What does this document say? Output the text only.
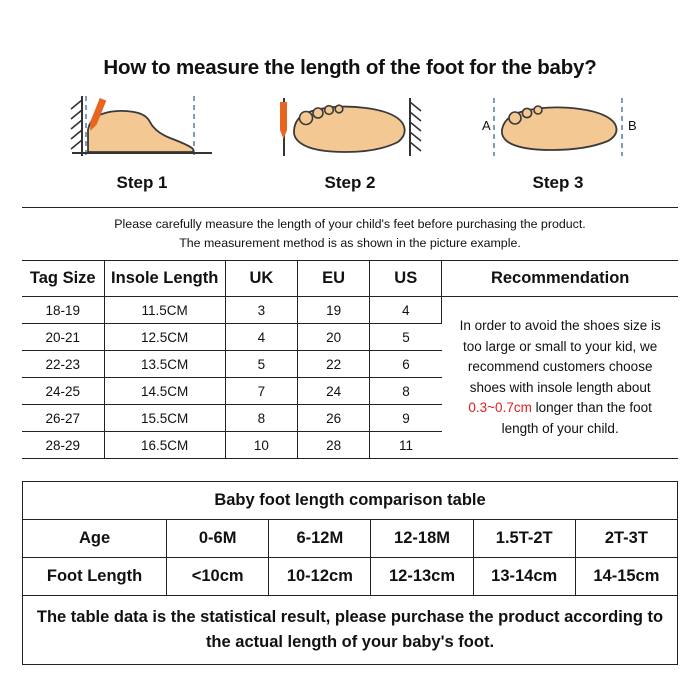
How to measure the length of the foot for the baby?
Step 1	Step 2
A	B
Step 3
Please carefully measure the length of your child's feet before purchasing the product.
The measurement method is as shown in the picture example.
Tag Size	Insole Length	UK	EU	US	Recommendation
18-19	11.5CM	3	19	4	In order to avoid the shoes size is too large or small to your kid, we recommend customers choose shoes with insole length about 0.3~0.7cm longer than the foot length of your child.
20-21	12.5CM	4	20	5	
22-23	13.5CM	5	22	6	
24-25	14.5CM	7	24	8	
26-27	15.5CM	8	26	9	
28-29	16.5CM	10	28	11	
Baby foot length comparison table					
Age	0-6M	6-12M	12-18M	1.5T-2T	2T-3T
Foot Length	<10cm	10-12cm	12-13cm	13-14cm	14-15cm
The table data is the statistical result, please purchase the product according to the actual length of your baby's foot.					
